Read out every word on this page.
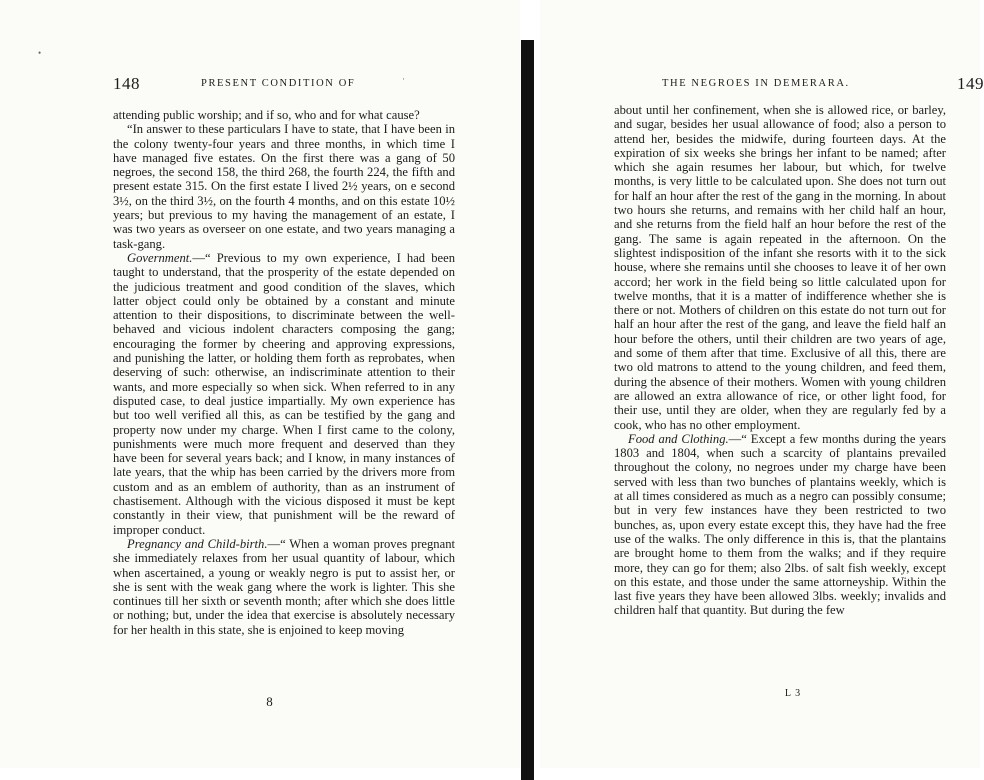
•
·
148	PRESENT CONDITION OF

attending public worship; and if so, who and for what cause?

“In answer to these particulars I have to state, that I have been in the colony twenty-four years and three months, in which time I have managed five estates. On the first there was a gang of 50 negroes, the second 158, the third 268, the fourth 224, the fifth and present estate 315. On the first estate I lived 2½ years, on e second 3½, on the third 3½, on the fourth 4 months, and on this estate 10½ years; but previous to my having the management of an estate, I was two years as overseer on one estate, and two years managing a task-gang.

Government.—“ Previous to my own experience, I had been taught to understand, that the prosperity of the estate depended on the judicious treatment and good condition of the slaves, which latter object could only be obtained by a constant and minute attention to their dispositions, to discriminate between the well-behaved and vicious indolent characters composing the gang; encouraging the former by cheering and approving expressions, and punishing the latter, or holding them forth as reprobates, when deserving of such: otherwise, an indiscriminate attention to their wants, and more especially so when sick. When referred to in any disputed case, to deal justice impartially. My own experience has but too well verified all this, as can be testified by the gang and property now under my charge. When I first came to the colony, punishments were much more frequent and deserved than they have been for several years back; and I know, in many instances of late years, that the whip has been carried by the drivers more from custom and as an emblem of authority, than as an instrument of chastisement. Although with the vicious disposed it must be kept constantly in their view, that punishment will be the reward of improper conduct.

Pregnancy and Child-birth.—“ When a woman proves pregnant she immediately relaxes from her usual quantity of labour, which when ascertained, a young or weakly negro is put to assist her, or she is sent with the weak gang where the work is lighter. This she continues till her sixth or seventh month; after which she does little or nothing; but, under the idea that exercise is absolutely necessary for her health in this state, she is enjoined to keep moving

8
THE NEGROES IN DEMERARA.	149

about until her confinement, when she is allowed rice, or barley, and sugar, besides her usual allowance of food; also a person to attend her, besides the midwife, during fourteen days. At the expiration of six weeks she brings her infant to be named; after which she again resumes her labour, but which, for twelve months, is very little to be calculated upon. She does not turn out for half an hour after the rest of the gang in the morning. In about two hours she returns, and remains with her child half an hour, and she returns from the field half an hour before the rest of the gang. The same is again repeated in the afternoon. On the slightest indisposition of the infant she resorts with it to the sick house, where she remains until she chooses to leave it of her own accord; her work in the field being so little calculated upon for twelve months, that it is a matter of indifference whether she is there or not. Mothers of children on this estate do not turn out for half an hour after the rest of the gang, and leave the field half an hour before the others, until their children are two years of age, and some of them after that time. Exclusive of all this, there are two old matrons to attend to the young children, and feed them, during the absence of their mothers. Women with young children are allowed an extra allowance of rice, or other light food, for their use, until they are older, when they are regularly fed by a cook, who has no other employment.

Food and Clothing.—“ Except a few months during the years 1803 and 1804, when such a scarcity of plantains prevailed throughout the colony, no negroes under my charge have been served with less than two bunches of plantains weekly, which is at all times considered as much as a negro can possibly consume; but in very few instances have they been restricted to two bunches, as, upon every estate except this, they have had the free use of the walks. The only difference in this is, that the plantains are brought home to them from the walks; and if they require more, they can go for them; also 2lbs. of salt fish weekly, except on this estate, and those under the same attorneyship. Within the last five years they have been allowed 3lbs. weekly; invalids and children half that quantity. But during the few

L 3
